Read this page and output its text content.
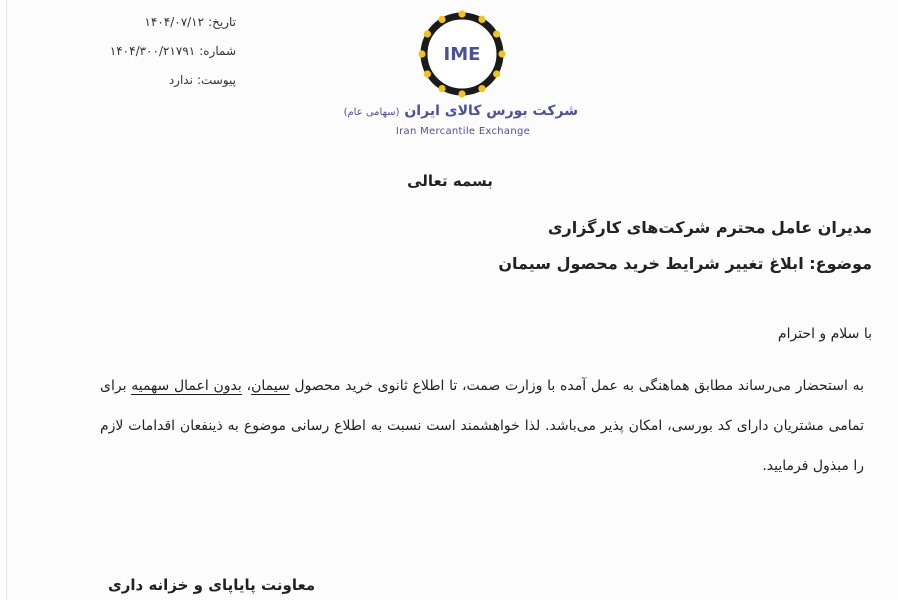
تاریخ:
۱۴۰۴/۰۷/۱۲
شماره:
۱۴۰۴/۳۰۰/۲۱۷۹۱
پیوست:
ندارد
IME
شرکت بورس کالای ایران (سهامی عام)
Iran Mercantile Exchange
بسمه تعالی
مدیران عامل محترم شرکت‌های کارگزاری
موضوع: ابلاغ تغییر شرایط خرید محصول سیمان
با سلام و احترام
به استحضار می‌رساند مطابق هماهنگی به عمل آمده با وزارت صمت، تا اطلاع ثانوی خرید محصول سیمان، بدون اعمال سهمیه برای تمامی مشتریان دارای کد بورسی، امکان پذیر می‌باشد. لذا خواهشمند است نسبت به اطلاع رسانی موضوع به ذینفعان اقدامات لازم را مبذول فرمایید.
معاونت پایاپای و خزانه داری
